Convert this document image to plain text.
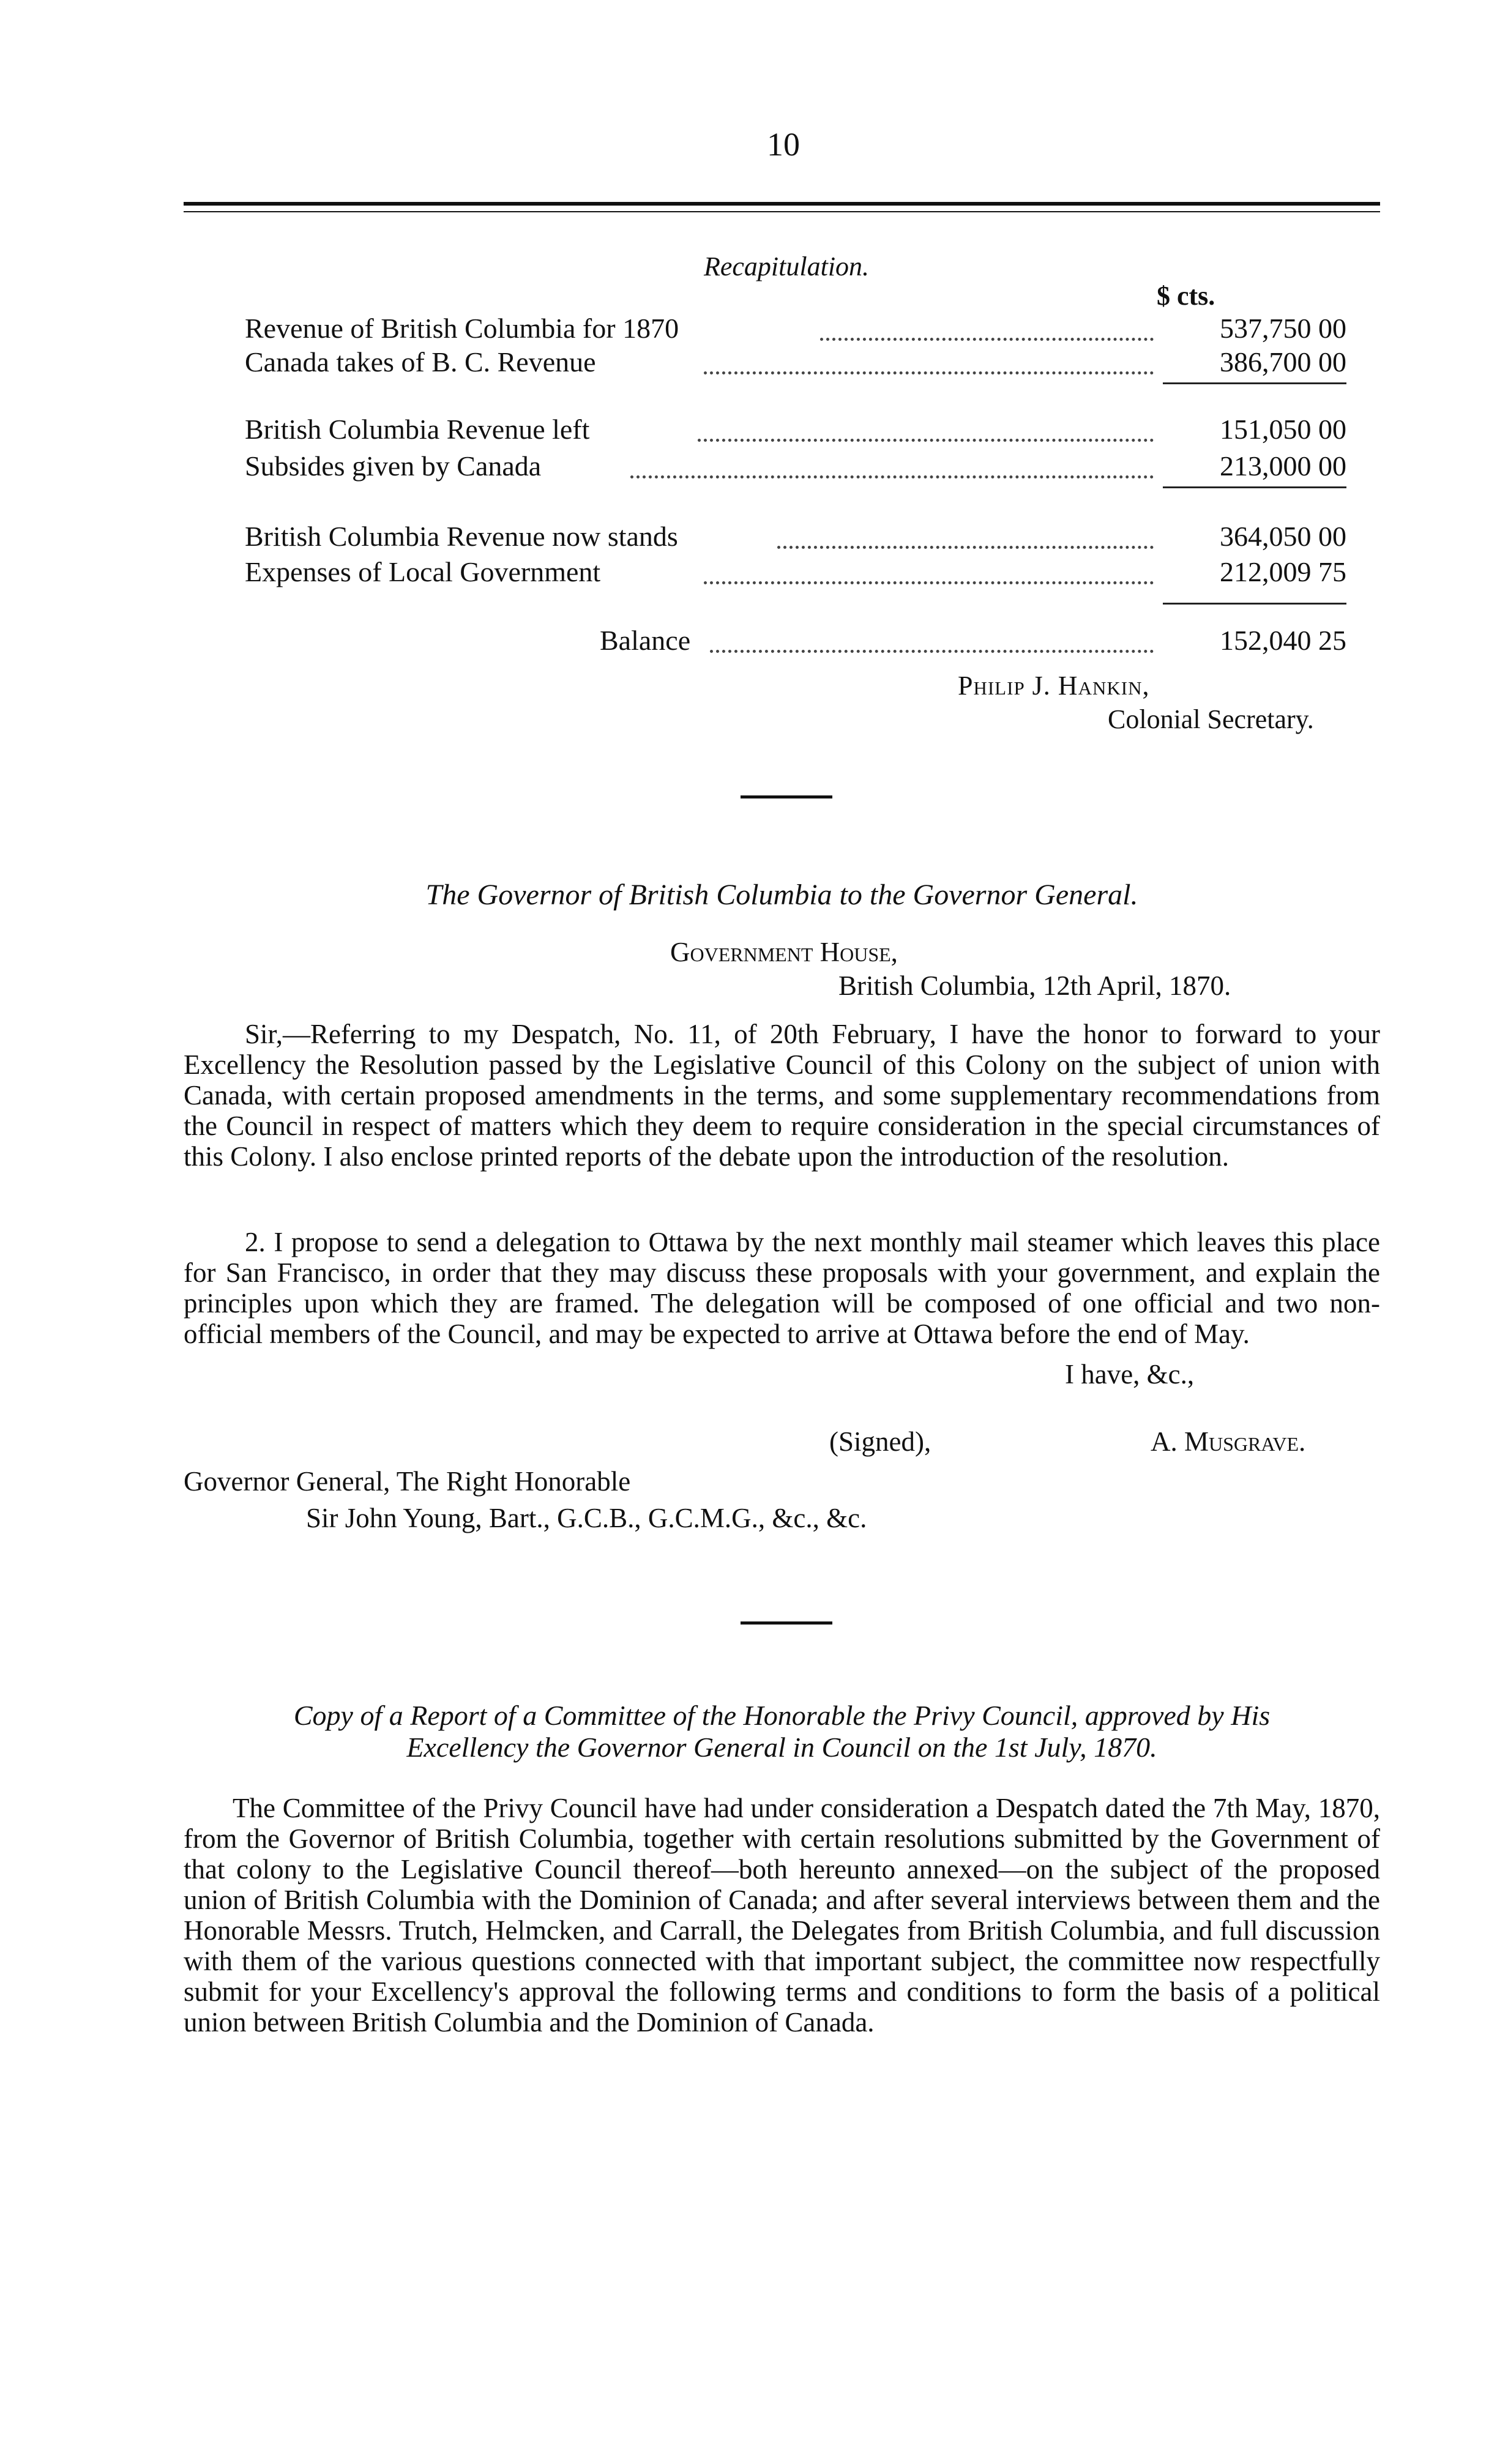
10
Recapitulation.
$ cts.
Revenue of British Columbia for 1870	537,750 00
Canada takes of B. C. Revenue	386,700 00
British Columbia Revenue left	151,050 00
Subsides given by Canada	213,000 00
British Columbia Revenue now stands	364,050 00
Expenses of Local Government	212,009 75
Balance	152,040 25
Philip J. Hankin,
Colonial Secretary.
The Governor of British Columbia to the Governor General.
Government House,
British Columbia, 12th April, 1870.
Sir,—Referring to my Despatch, No. 11, of 20th February, I have the honor to forward to your Excellency the Resolution passed by the Legislative Council of this Colony on the subject of union with Canada, with certain proposed amendments in the terms, and some supplementary recommendations from the Council in respect of matters which they deem to require consideration in the special circumstances of this Colony. I also enclose printed reports of the debate upon the introduction of the resolution.
2. I propose to send a delegation to Ottawa by the next monthly mail steamer which leaves this place for San Francisco, in order that they may discuss these proposals with your government, and explain the principles upon which they are framed. The delegation will be composed of one official and two non-official members of the Council, and may be expected to arrive at Ottawa before the end of May.
I have, &c.,
(Signed),	A. Musgrave.
Governor General, The Right Honorable
Sir John Young, Bart., G.C.B., G.C.M.G., &c., &c.
Copy of a Report of a Committee of the Honorable the Privy Council, approved by His
Excellency the Governor General in Council on the 1st July, 1870.
The Committee of the Privy Council have had under consideration a Despatch dated the 7th May, 1870, from the Governor of British Columbia, together with certain resolutions submitted by the Government of that colony to the Legislative Council thereof—both hereunto annexed—on the subject of the proposed union of British Columbia with the Dominion of Canada; and after several interviews between them and the Honorable Messrs. Trutch, Helmcken, and Carrall, the Delegates from British Columbia, and full discussion with them of the various questions connected with that important subject, the committee now respectfully submit for your Excellency's approval the following terms and conditions to form the basis of a political union between British Columbia and the Dominion of Canada.
